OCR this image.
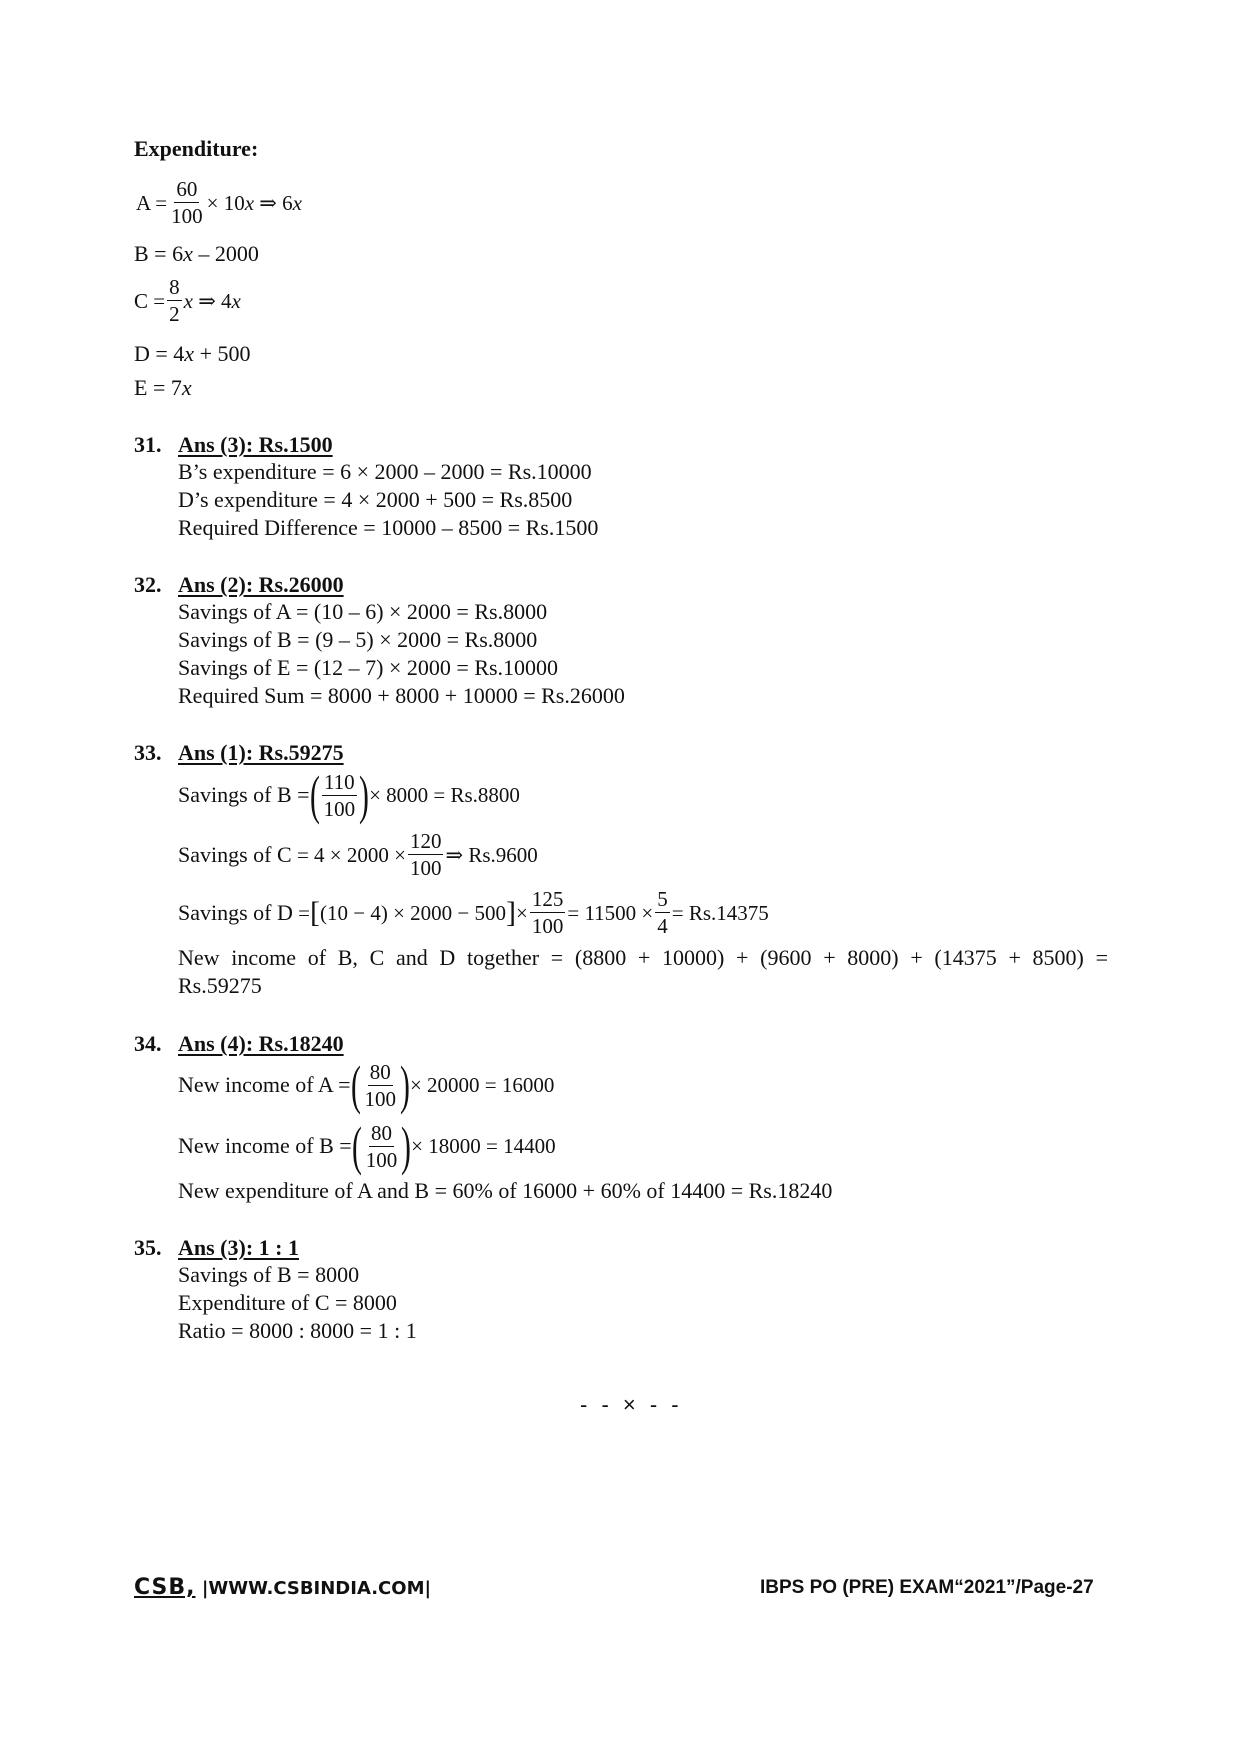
Expenditure:
$A = \frac{60}{100} \times 10$ x
⇒ 6 x
B = 6x – 2000
$C = \frac{8}{2}$ x
⇒ 4 x
D = 4x + 500
E = 7x
31. Ans (3): Rs.1500
B’s expenditure = 6 × 2000 – 2000 = Rs.10000
D’s expenditure = 4 × 2000 + 500 = Rs.8500
Required Difference = 10000 – 8500 = Rs.1500
32. Ans (2): Rs.26000
Savings of A = (10 – 6) × 2000 = Rs.8000
Savings of B = (9 – 5) × 2000 = Rs.8000
Savings of E = (12 – 7) × 2000 = Rs.10000
Required Sum = 8000 + 8000 + 10000 = Rs.26000
33. Ans (1): Rs.59275
Savings of B = ( $\frac{110}{100}$ ) × 8000 = Rs.8800
Savings of C
= $4 \times 2000 \times \frac{120}{100}$ ⇒ Rs.9600
Savings of D
= [ (10 − 4) × 2000 − 500 ] × $\frac{125}{100} = 11500 \times \frac{5}{4} = Rs.14375$
New income of B, C and D together = (8800 + 10000) + (9600 + 8000) + (14375 + 8500) =
Rs.59275
34. Ans (4): Rs.18240
New income of A = ( $\frac{80}{100}$ ) × 20000 = 16000
New income of B = ( $\frac{80}{100}$ ) × 18000 = 14400
New expenditure of A and B = 60% of 16000 + 60% of 14400 = Rs.18240
35. Ans (3): 1 : 1
Savings of B = 8000
Expenditure of C = 8000
Ratio = 8000 : 8000 = 1 : 1
- - × - -
CSB, |WWW.CSBINDIA.COM|	IBPS PO (PRE) EXAM“2021”/Page-27
